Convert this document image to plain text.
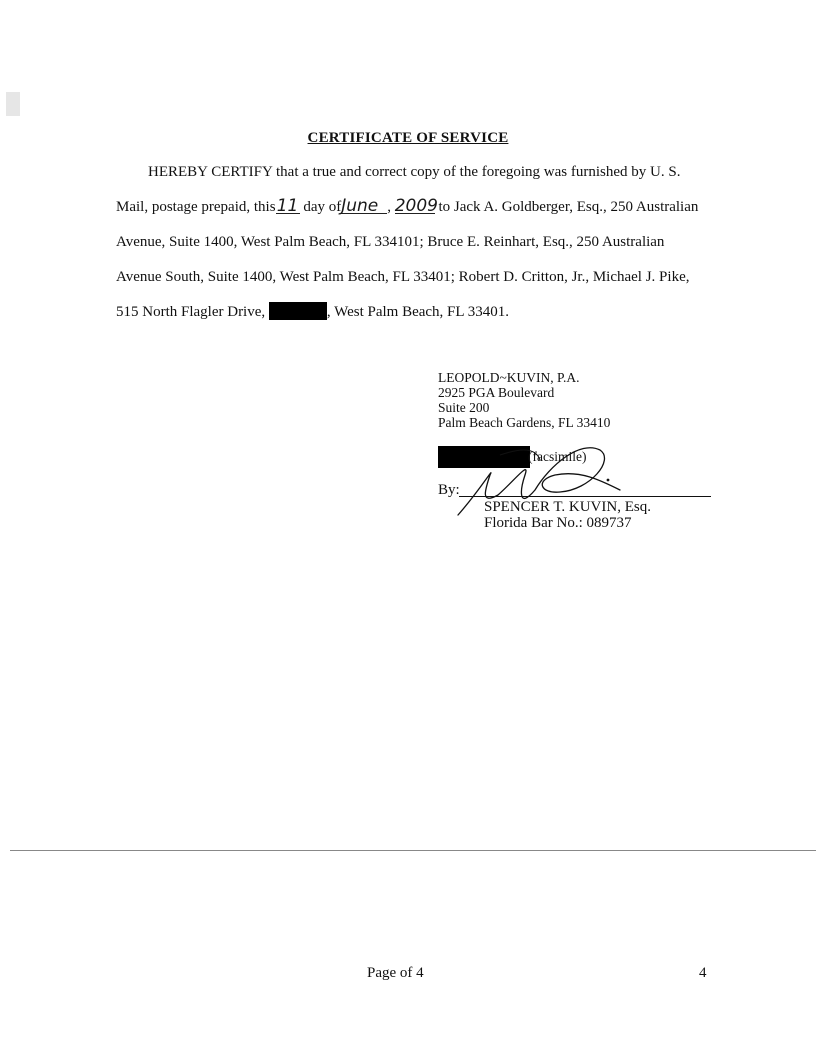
CERTIFICATE OF SERVICE
HEREBY CERTIFY that a true and correct copy of the foregoing was furnished by U. S.
Mail, postage prepaid, this11 day ofJune , 2009 to Jack A. Goldberger, Esq., 250 Australian
Avenue, Suite 1400, West Palm Beach, FL 334101; Bruce E. Reinhart, Esq., 250 Australian
Avenue South, Suite 1400, West Palm Beach, FL 33401; Robert D. Critton, Jr., Michael J. Pike,
515 North Flagler Drive,	, West Palm Beach, FL 33401.
LEOPOLD~KUVIN, P.A.
2925 PGA Boulevard
Suite 200
Palm Beach Gardens, FL 33410
(facsimile)
By:
SPENCER T. KUVIN, Esq.
Florida Bar No.: 089737
Page of 4	4
